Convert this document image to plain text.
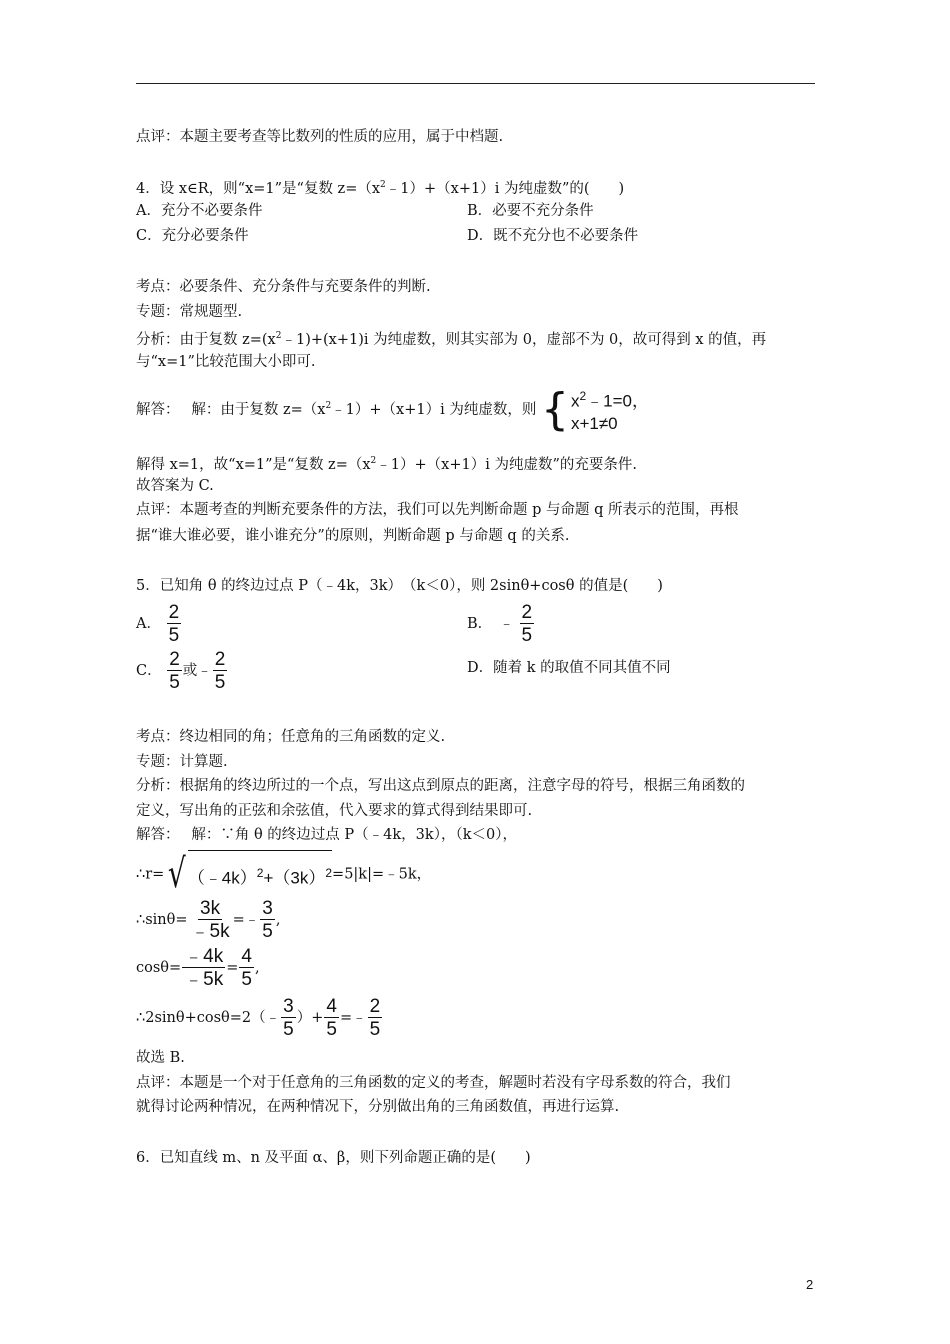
点评：本题主要考查等比数列的性质的应用，属于中档题.
4．设 x∈R，则“x=1”是“复数 $z=(x^2﹣1)+(x+1)i$ 为纯虚数”的(　　)
A．充分不必要条件	B．必要不充分条件
C．充分必要条件	D．既不充分也不必要条件
考点：必要条件、充分条件与充要条件的判断.
专题：常规题型.
分析：由于复数 $z=(x^2﹣1)+(x+1)i$ 为纯虚数，则其实部为 0，虚部不为 0，故可得到 x 的值，再
与“x=1”比较范围大小即可.
解答：　 解：由于复数 $z=(x^2﹣1)+(x+1)i$ 为纯虚数，则 { $x^2﹣1=0$，
x+1≠0
解得 x=1，故“x=1”是“复数 $z=(x^2﹣1)+(x+1)i$ 为纯虚数”的充要条件.
故答案为 C.
点评：本题考查的判断充要条件的方法，我们可以先判断命题 p 与命题 q 所表示的范围，再根
据“谁大谁必要，谁小谁充分”的原则，判断命题 p 与命题 q 的关系.
5．已知角 θ 的终边过点 P（﹣4k，3k）　（k＜0），则 2sinθ+cosθ 的值是(　　)
A． $\frac{2}{5}$	B．　﹣ $\frac{2}{5}$
C． $\frac{2}{5}$ 或﹣ $\frac{2}{5}$	D．随着 k 的取值不同其值不同
考点：终边相同的角；任意角的三角函数的定义.
专题：计算题.
分析：根据角的终边所过的一个点，写出这点到原点的距离，注意字母的符号，根据三角函数的
定义，写出角的正弦和余弦值，代入要求的算式得到结果即可.
解答：　 解：∵角 θ 的终边过点 P（﹣4k，3k），（k＜0），
∴r= √ $(﹣4k)^2+(3k)^2$ =5|k|=﹣5k，
∴sinθ= $\frac{3k}{﹣5k}$ =﹣ $\frac{3}{5}$ ,
$\cos\theta= \frac{﹣4k}{﹣5k} = \frac{4}{5}$ ,
∴2sinθ+cosθ=2（﹣ $\frac{3}{5}$ ）+ $\frac{4}{5}$ =﹣ $\frac{2}{5}$
故选 B.
点评：本题是一个对于任意角的三角函数的定义的考查，解题时若没有字母系数的符合，我们
就得讨论两种情况，在两种情况下，分别做出角的三角函数值，再进行运算.
6．已知直线 m、n 及平面 α、β，则下列命题正确的是(　　)
2
